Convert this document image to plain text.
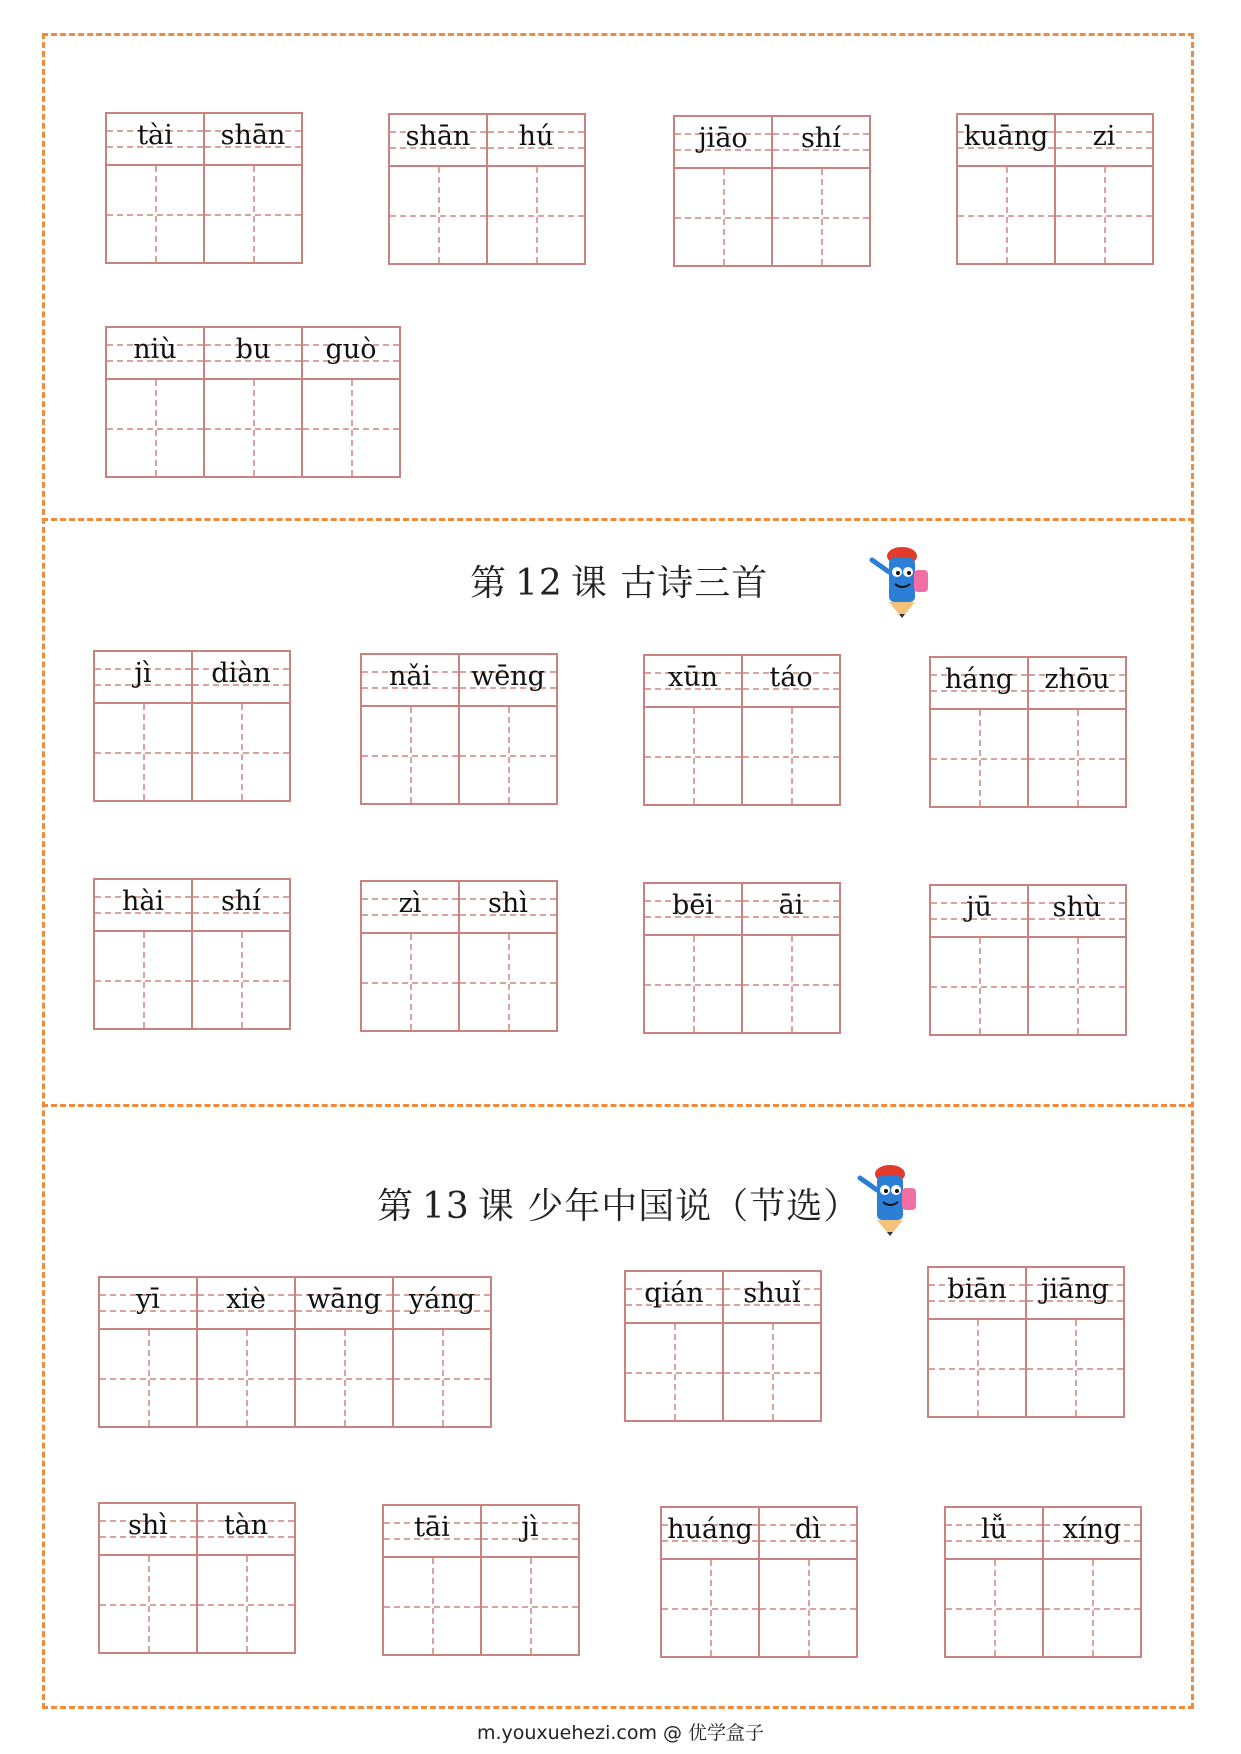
tài	shān	shān	hú	jiāo	shí	kuāng	zi
niù	bu	guò
第 12 课 古诗三首
jì	diàn	nǎi	wēng	xūn	táo	háng	zhōu
hài	shí	zì	shì	bēi	āi	jū	shù
第 13 课 少年中国说（节选）
yī	xiè	wāng	yáng	qián	shuǐ	biān	jiāng
shì	tàn	tāi	jì	huáng	dì	lǚ	xíng
m.youxuehezi.com @ 优学盒子
